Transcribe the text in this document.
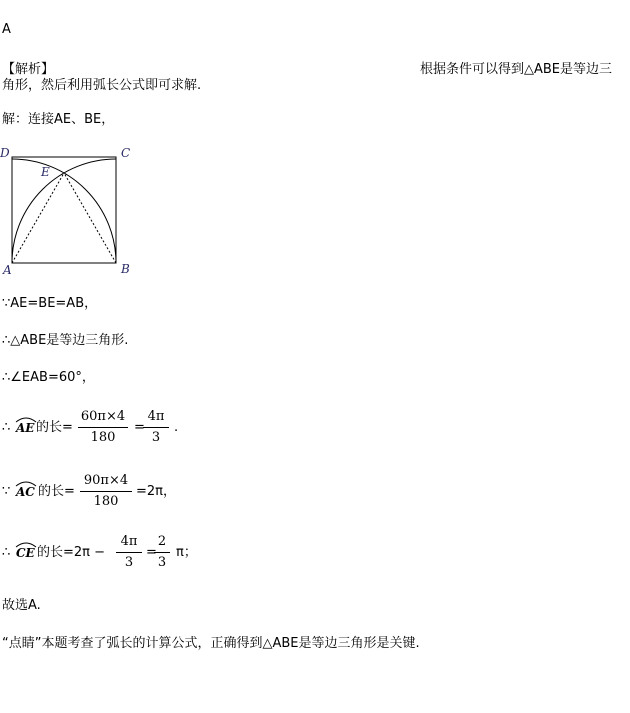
A
【解析】	根据条件可以得到△ABE是等边三
角形，然后利用弧长公式即可求解.
解：连接AE、BE，
D	C
E
A	B
∵AE=BE=AB，
∴△ABE是等边三角形.
∴∠EAB=60°，
∴ AE 的长=
60π×4
180
=
4π
3
.
∵ AC 的长=
90π×4
180
=2π，
∴ CE 的长=2π −
4π
3
=
2
3
π；
故选A.
“点睛”本题考查了弧长的计算公式，正确得到△ABE是等边三角形是关键.
